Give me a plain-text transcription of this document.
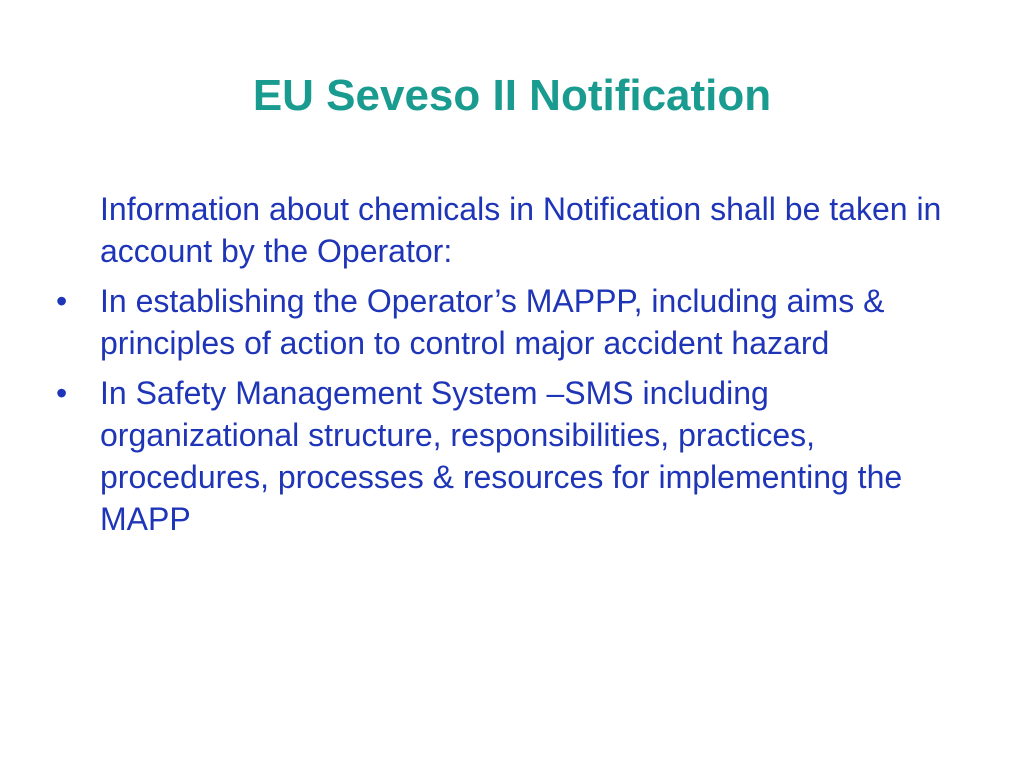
EU Seveso II Notification

Information about chemicals in Notification shall be taken in account by the Operator:

•	In establishing the Operator’s MAPPP, including aims & principles of action to control major accident hazard

•	In Safety Management System –SMS including organizational structure, responsibilities, practices, procedures, processes & resources for implementing the MAPP
